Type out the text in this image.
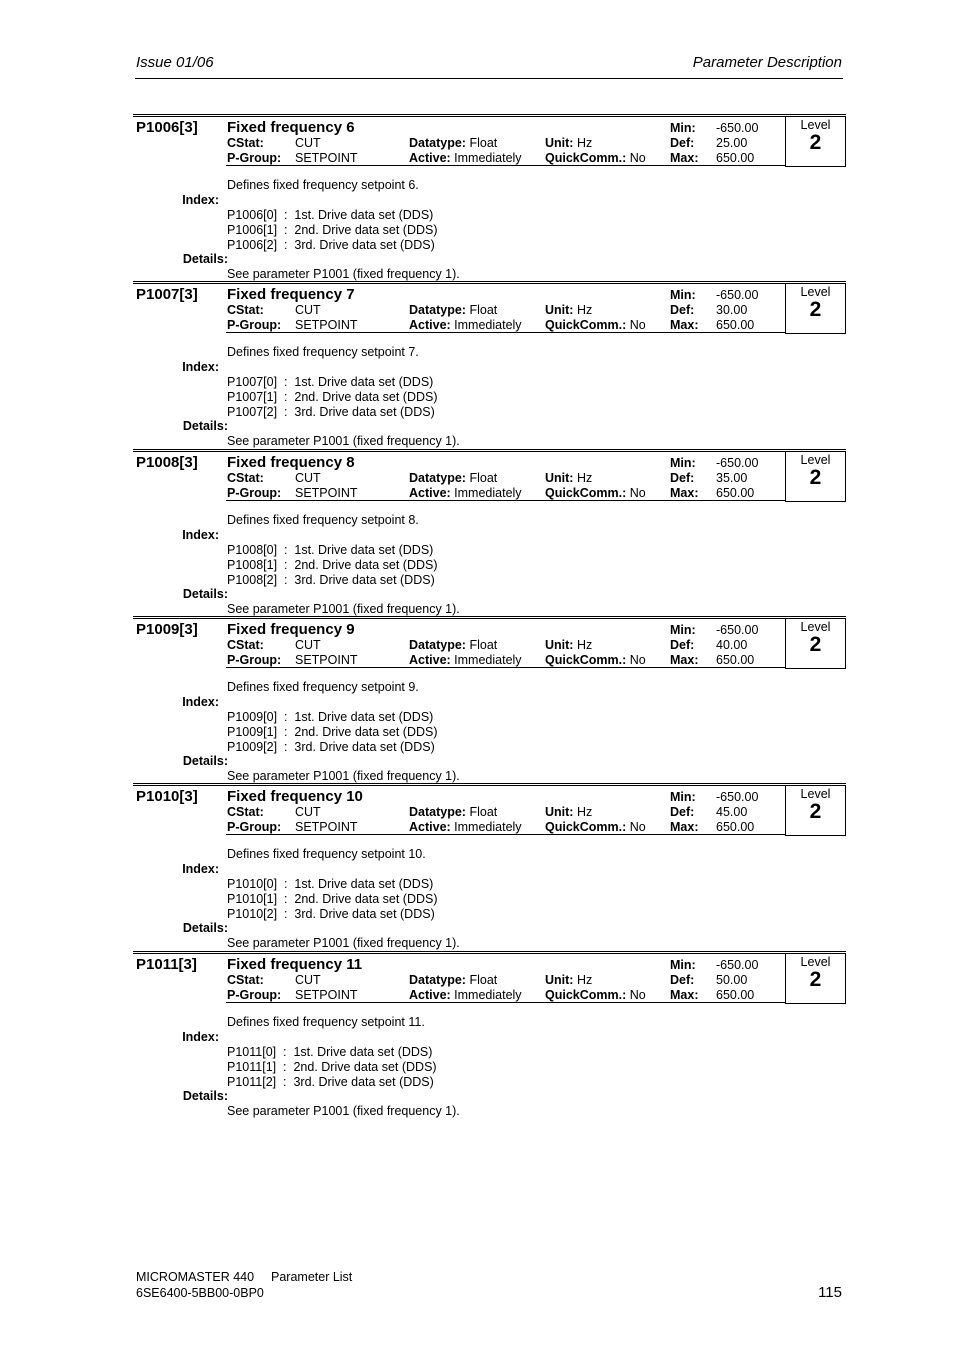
Issue 01/06	Parameter Description
P1006[3] Fixed frequency 6
CStat: CUT
P-Group: SETPOINT
Datatype: Float
Active: Immediately
Unit: Hz
QuickComm.: No
Min: -650.00
Def: 25.00
Max: 650.00
Level
2
Defines fixed frequency setpoint 6.
Index:
P1006[0]  :  1st. Drive data set (DDS)
P1006[1]  :  2nd. Drive data set (DDS)
P1006[2]  :  3rd. Drive data set (DDS)
Details:
See parameter P1001 (fixed frequency 1).
P1007[3] Fixed frequency 7
CStat: CUT
P-Group: SETPOINT
Datatype: Float
Active: Immediately
Unit: Hz
QuickComm.: No
Min: -650.00
Def: 30.00
Max: 650.00
Level
2
Defines fixed frequency setpoint 7.
Index:
P1007[0]  :  1st. Drive data set (DDS)
P1007[1]  :  2nd. Drive data set (DDS)
P1007[2]  :  3rd. Drive data set (DDS)
Details:
See parameter P1001 (fixed frequency 1).
P1008[3] Fixed frequency 8
CStat: CUT
P-Group: SETPOINT
Datatype: Float
Active: Immediately
Unit: Hz
QuickComm.: No
Min: -650.00
Def: 35.00
Max: 650.00
Level
2
Defines fixed frequency setpoint 8.
Index:
P1008[0]  :  1st. Drive data set (DDS)
P1008[1]  :  2nd. Drive data set (DDS)
P1008[2]  :  3rd. Drive data set (DDS)
Details:
See parameter P1001 (fixed frequency 1).
P1009[3] Fixed frequency 9
CStat: CUT
P-Group: SETPOINT
Datatype: Float
Active: Immediately
Unit: Hz
QuickComm.: No
Min: -650.00
Def: 40.00
Max: 650.00
Level
2
Defines fixed frequency setpoint 9.
Index:
P1009[0]  :  1st. Drive data set (DDS)
P1009[1]  :  2nd. Drive data set (DDS)
P1009[2]  :  3rd. Drive data set (DDS)
Details:
See parameter P1001 (fixed frequency 1).
P1010[3] Fixed frequency 10
CStat: CUT
P-Group: SETPOINT
Datatype: Float
Active: Immediately
Unit: Hz
QuickComm.: No
Min: -650.00
Def: 45.00
Max: 650.00
Level
2
Defines fixed frequency setpoint 10.
Index:
P1010[0]  :  1st. Drive data set (DDS)
P1010[1]  :  2nd. Drive data set (DDS)
P1010[2]  :  3rd. Drive data set (DDS)
Details:
See parameter P1001 (fixed frequency 1).
P1011[3] Fixed frequency 11
CStat: CUT
P-Group: SETPOINT
Datatype: Float
Active: Immediately
Unit: Hz
QuickComm.: No
Min: -650.00
Def: 50.00
Max: 650.00
Level
2
Defines fixed frequency setpoint 11.
Index:
P1011[0]  :  1st. Drive data set (DDS)
P1011[1]  :  2nd. Drive data set (DDS)
P1011[2]  :  3rd. Drive data set (DDS)
Details:
See parameter P1001 (fixed frequency 1).
MICROMASTER 440 Parameter List
6SE6400-5BB00-0BP0	115
